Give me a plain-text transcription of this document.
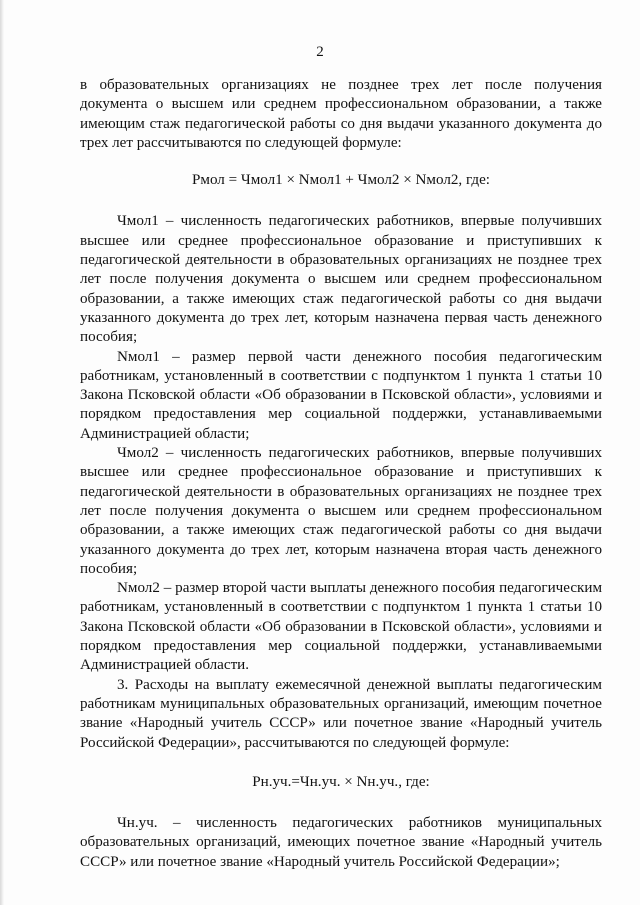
2

в образовательных организациях не позднее трех лет после получения документа о высшем или среднем профессиональном образовании, а также имеющим стаж педагогической работы со дня выдачи указанного документа до трех лет рассчитываются по следующей формуле:

Рмол = Чмол1 × Nмол1 + Чмол2 × Nмол2, где:

Чмол1 – численность педагогических работников, впервые получивших высшее или среднее профессиональное образование и приступивших к педагогической деятельности в образовательных организациях не позднее трех лет после получения документа о высшем или среднем профессиональном образовании, а также имеющих стаж педагогической работы со дня выдачи указанного документа до трех лет, которым назначена первая часть денежного пособия;

Nмол1 – размер первой части денежного пособия педагогическим работникам, установленный в соответствии с подпунктом 1 пункта 1 статьи 10 Закона Псковской области «Об образовании в Псковской области», условиями и порядком предоставления мер социальной поддержки, устанавливаемыми Администрацией области;

Чмол2 – численность педагогических работников, впервые получивших высшее или среднее профессиональное образование и приступивших к педагогической деятельности в образовательных организациях не позднее трех лет после получения документа о высшем или среднем профессиональном образовании, а также имеющих стаж педагогической работы со дня выдачи указанного документа до трех лет, которым назначена вторая часть денежного пособия;

Nмол2 – размер второй части выплаты денежного пособия педагогическим работникам, установленный в соответствии с подпунктом 1 пункта 1 статьи 10 Закона Псковской области «Об образовании в Псковской области», условиями и порядком предоставления мер социальной поддержки, устанавливаемыми Администрацией области.

3. Расходы на выплату ежемесячной денежной выплаты педагогическим работникам муниципальных образовательных организаций, имеющим почетное звание «Народный учитель СССР» или почетное звание «Народный учитель Российской Федерации», рассчитываются по следующей формуле:

Рн.уч.=Чн.уч. × Nн.уч., где:

Чн.уч. – численность педагогических работников муниципальных образовательных организаций, имеющих почетное звание «Народный учитель СССР» или почетное звание «Народный учитель Российской Федерации»;
